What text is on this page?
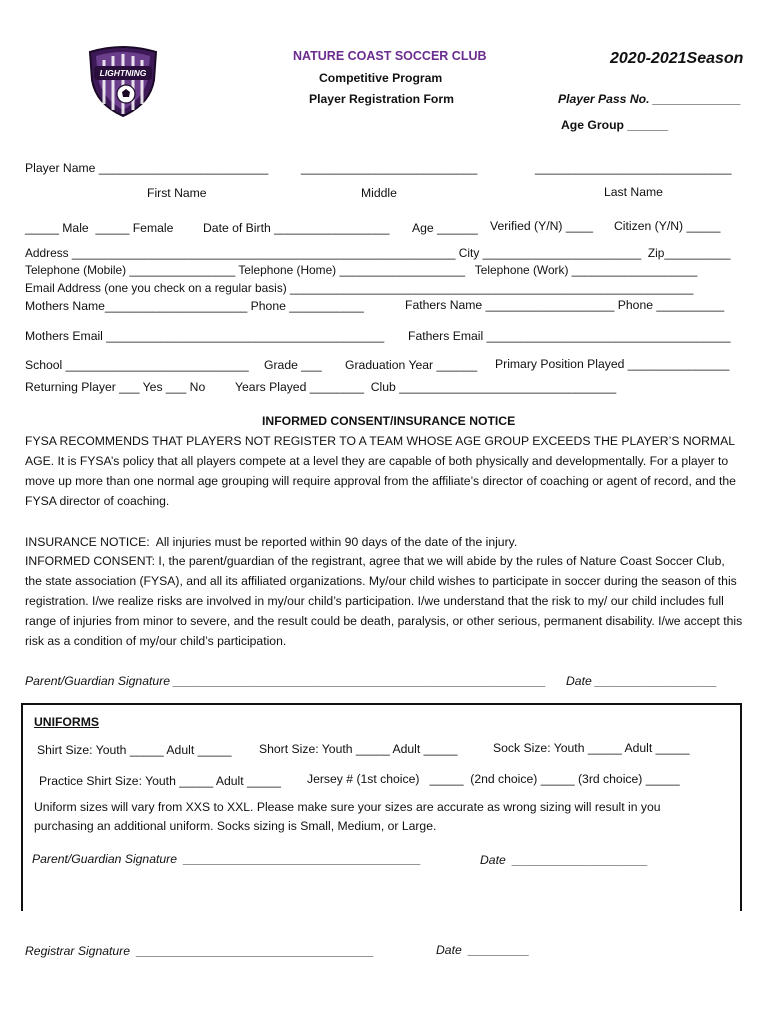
LIGHTNING
NATURE COAST SOCCER CLUB
Competitive Program
Player Registration Form
2020-2021Season
Player Pass No. _____________
Age Group ______
Player Name _________________________	__________________________	_____________________________
First Name	Middle	Last Name
_____ Male  _____ Female Date of Birth _________________ Age ______ Verified (Y/N) ____ Citizen (Y/N) _____
Address __________________________________________________________ City ________________________  Zip__________
Telephone (Mobile) ________________ Telephone (Home) ___________________   Telephone (Work) ___________________
Email Address (one you check on a regular basis) _____________________________________________________________
Mothers Name_____________________ Phone ___________	Fathers Name ___________________ Phone __________
Mothers Email _________________________________________ Fathers Email ____________________________________
School ___________________________ Grade ___ Graduation Year ______ Primary Position Played _______________
Returning Player ___ Yes ___ No Years Played ________  Club ________________________________
INFORMED CONSENT/INSURANCE NOTICE
FYSA RECOMMENDS THAT PLAYERS NOT REGISTER TO A TEAM WHOSE AGE GROUP EXCEEDS THE PLAYER’S NORMAL AGE. It is FYSA’s policy that all players compete at a level they are capable of both physically and developmentally. For a player to move up more than one normal age grouping will require approval from the affiliate’s director of coaching or agent of record, and the FYSA director of coaching.
INSURANCE NOTICE:  All injuries must be reported within 90 days of the date of the injury.
INFORMED CONSENT: I, the parent/guardian of the registrant, agree that we will abide by the rules of Nature Coast Soccer Club, the state association (FYSA), and all its affiliated organizations. My/our child wishes to participate in soccer during the season of this registration. I/we realize risks are involved in my/our child’s participation. I/we understand that the risk to my/ our child includes full range of injuries from minor to severe, and the result could be death, paralysis, or other serious, permanent disability. I/we accept this risk as a condition of my/our child’s participation.
Parent/Guardian Signature _______________________________________________________ Date __________________
UNIFORMS
Shirt Size: Youth _____ Adult _____ Short Size: Youth _____ Adult _____	Sock Size: Youth _____ Adult _____
Practice Shirt Size: Youth _____ Adult _____ Jersey # (1st choice)   _____  (2nd choice) _____ (3rd choice) _____
Uniform sizes will vary from XXS to XXL. Please make sure your sizes are accurate as wrong sizing will result in you purchasing an additional uniform. Socks sizing is Small, Medium, or Large.
Parent/Guardian Signature  ___________________________________	Date  ____________________
Registrar Signature  ___________________________________	Date  _________
